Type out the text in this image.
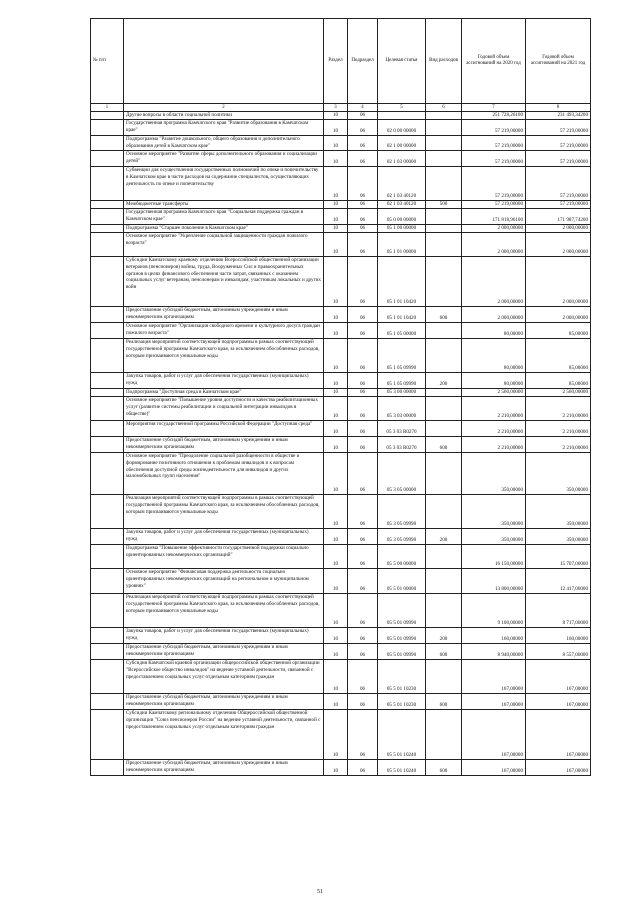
№ п/п		Раздел	Подраздел	Целевая статья	Вид расходов	Годовой объем ассигнований на 2020 год	Годовой объем ассигнований на 2021 год
1	2	3	4	5	6	7	8
	Другие вопросы в области социальной политики	10	06			251 728,26100	231 493,34200
	Государственная программа Камчатского края "Развитие образования в Камчатском крае"	10	06	02 0 00 00000		57 219,00000	57 219,00000
	Подпрограмма "Развитие дошкольного, общего образования и дополнительного образования детей в Камчатском крае"	10	06	02 1 00 00000		57 219,00000	57 219,00000
	Основное мероприятие "Развитие сферы дополнительного образования и социализации детей"	10	06	02 1 03 00000		57 219,00000	57 219,00000
	Субвенции для осуществления государственных полномочий по опеке и попечительству в Камчатском крае в части расходов на содержание специалистов, осуществляющих деятельность по опеке и попечительству	10	06	02 1 03 40120		57 219,00000	57 219,00000
	Межбюджетные трансферты	10	06	02 1 03 40120	500	57 219,00000	57 219,00000
	Государственная программа Камчатского края "Социальная поддержка граждан в Камчатском крае"	10	06	05 0 00 00000		171 818,96100	171 987,74200
	Подпрограмма "Старшее поколение в Камчатском крае"	10	06	05 1 00 00000		2 000,00000	2 000,00000
	Основное мероприятие "Укрепление социальной защищенности граждан пожилого возраста"	10	06	05 1 01 00000		2 000,00000	2 000,00000
	Субсидии Камчатскому краевому отделению Всероссийской общественной организации ветеранов (пенсионеров) войны, труда, Вооруженных Сил и правоохранительных органов в целях финансового обеспечения части затрат, связанных с оказанием социальных услуг ветеранам, пенсионерам и инвалидам, участникам локальных и других войн	10	06	05 1 01 10420		2 000,00000	2 000,00000
	Предоставление субсидий бюджетным, автономным учреждениям и иным некоммерческим организациям	10	06	05 1 01 10420	600	2 000,00000	2 000,00000
	Основное мероприятие "Организация свободного времени и культурного досуга граждан пожилого возраста"	10	06	05 1 05 00000		80,00000	85,00000
	Реализация мероприятий соответствующей подпрограммы в рамках соответствующей государственной программы Камчатского края, за исключением обособленных расходов, которым присваиваются уникальные коды	10	06	05 1 05 09990		80,00000	85,00000
	Закупка товаров, работ и услуг для обеспечения государственных (муниципальных) нужд	10	06	05 1 05 09990	200	80,00000	85,00000
	Подпрограмма "Доступная среда в Камчатском крае"	10	06	05 3 00 00000		2 560,00000	2 560,00000
	Основное мероприятие "Повышение уровня доступности и качества реабилитационных услуг (развитие системы реабилитации и социальной интеграции инвалидов в обществе)"	10	06	05 3 03 00000		2 210,00000	2 210,00000
	Мероприятия государственной программы Российской Федерации "Доступная среда"	10	06	05 3 03 R0270		2 210,00000	2 210,00000
	Предоставление субсидий бюджетным, автономным учреждениям и иным некоммерческим организациям	10	06	05 3 03 R0270	600	2 210,00000	2 210,00000
	Основное мероприятие "Преодоление социальной разобщенности в обществе и формирование позитивного отношения к проблемам инвалидов и к вопросам обеспечения доступной среды жизнедеятельности для инвалидов и других маломобильных групп населения"	10	06	05 3 05 00000		350,00000	350,00000
	Реализация мероприятий соответствующей подпрограммы в рамках соответствующей государственной программы Камчатского края, за исключением обособленных расходов, которым присваиваются уникальные коды	10	06	05 3 05 09990		350,00000	350,00000
	Закупка товаров, работ и услуг для обеспечения государственных (муниципальных) нужд	10	06	05 3 05 09990	200	350,00000	350,00000
	Подпрограмма "Повышение эффективности государственной поддержки социально ориентированных некоммерческих организаций"	10	06	05 5 00 00000		16 150,00000	15 707,00000
	Основное мероприятие "Финансовая поддержка деятельности социально ориентированных некоммерческих организаций на региональном и муниципальном уровнях"	10	06	05 5 01 00000		13 800,00000	12 417,00000
	Реализация мероприятий соответствующей подпрограммы в рамках соответствующей государственной программы Камчатского края, за исключением обособленных расходов, которым присваиваются уникальные коды	10	06	05 5 01 09990		9 100,00000	8 717,00000
	Закупка товаров, работ и услуг для обеспечения государственных (муниципальных) нужд	10	06	05 5 01 09990	200	160,00000	160,00000
	Предоставление субсидий бюджетным, автономным учреждениям и иным некоммерческим организациям	10	06	05 5 01 09990	600	8 940,00000	8 557,00000
	Субсидия Камчатской краевой организации общероссийской общественной организации "Всероссийское общество инвалидов" на ведение уставной деятельности, связанной с предоставлением социальных услуг отдельным категориям граждан	10	06	05 5 01 10230		167,00000	167,00000
	Предоставление субсидий бюджетным, автономным учреждениям и иным некоммерческим организациям	10	06	05 5 01 10230	600	167,00000	167,00000
	Субсидии Камчатскому региональному отделению Общероссийской общественной организации "Союз пенсионеров России" на ведение уставной деятельности, связанной с предоставлением социальных услуг отдельным категориям граждан	10	06	05 5 01 10240		167,00000	167,00000
	Предоставление субсидий бюджетным, автономным учреждениям и иным некоммерческим организациям	10	06	05 5 01 10240	600	167,00000	167,00000
51
